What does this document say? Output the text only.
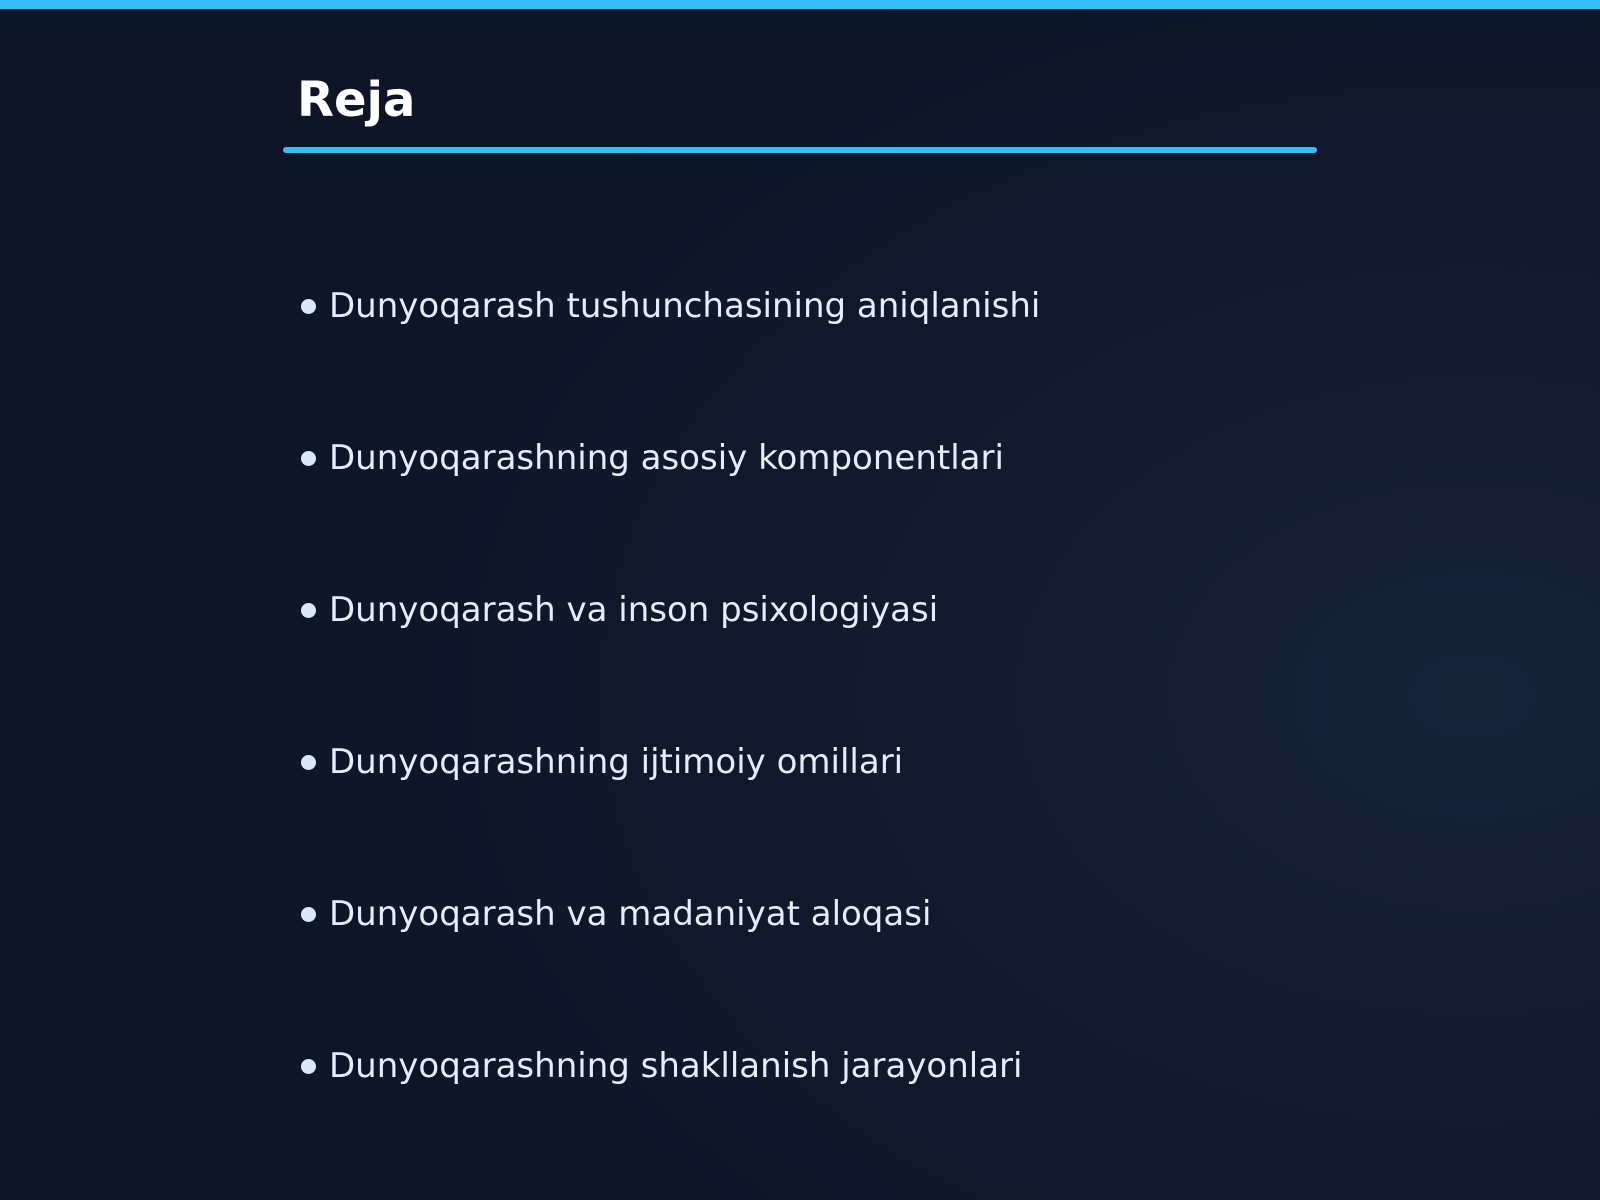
Reja
Dunyoqarash tushunchasining aniqlanishi
Dunyoqarashning asosiy komponentlari
Dunyoqarash va inson psixologiyasi
Dunyoqarashning ijtimoiy omillari
Dunyoqarash va madaniyat aloqasi
Dunyoqarashning shakllanish jarayonlari
